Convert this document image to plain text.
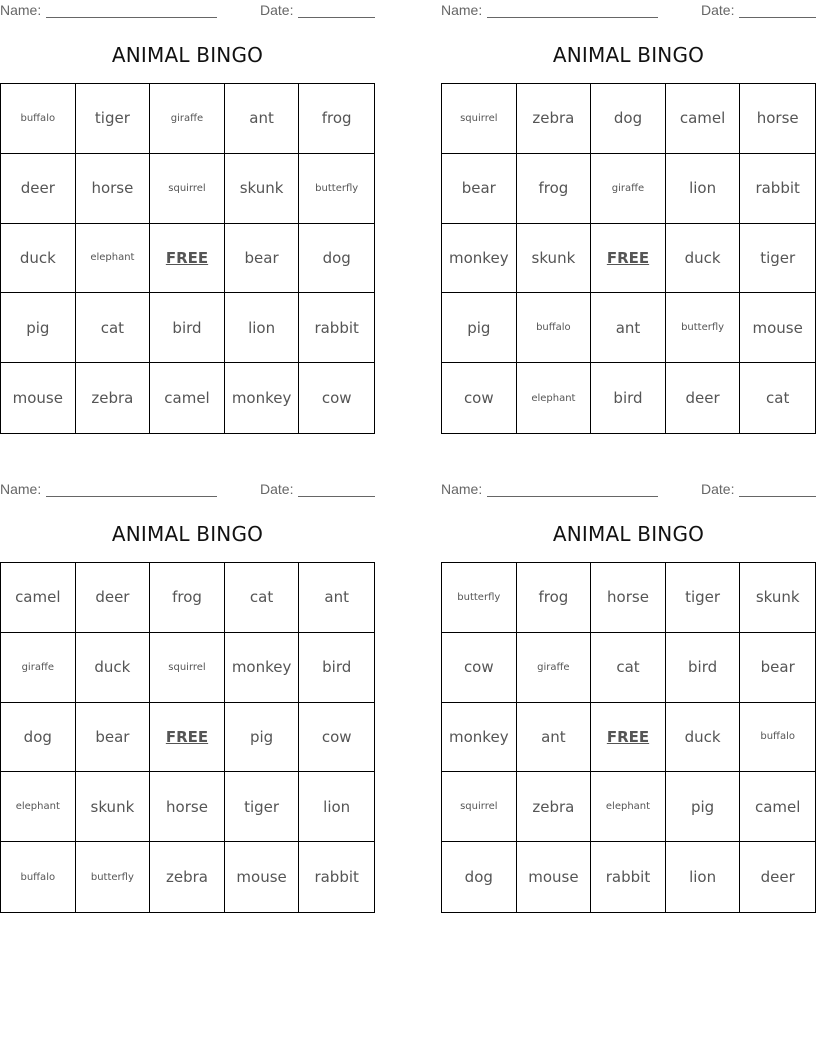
Name:	Date:
ANIMAL BINGO
buffalo	tiger	giraffe	ant	frog
deer	horse	squirrel	skunk	butterfly
duck	elephant	FREE	bear	dog
pig	cat	bird	lion	rabbit
mouse	zebra	camel	monkey	cow
Name:	Date:
ANIMAL BINGO
squirrel	zebra	dog	camel	horse
bear	frog	giraffe	lion	rabbit
monkey	skunk	FREE	duck	tiger
pig	buffalo	ant	butterfly	mouse
cow	elephant	bird	deer	cat
Name:	Date:
ANIMAL BINGO
camel	deer	frog	cat	ant
giraffe	duck	squirrel	monkey	bird
dog	bear	FREE	pig	cow
elephant	skunk	horse	tiger	lion
buffalo	butterfly	zebra	mouse	rabbit
Name:	Date:
ANIMAL BINGO
butterfly	frog	horse	tiger	skunk
cow	giraffe	cat	bird	bear
monkey	ant	FREE	duck	buffalo
squirrel	zebra	elephant	pig	camel
dog	mouse	rabbit	lion	deer
